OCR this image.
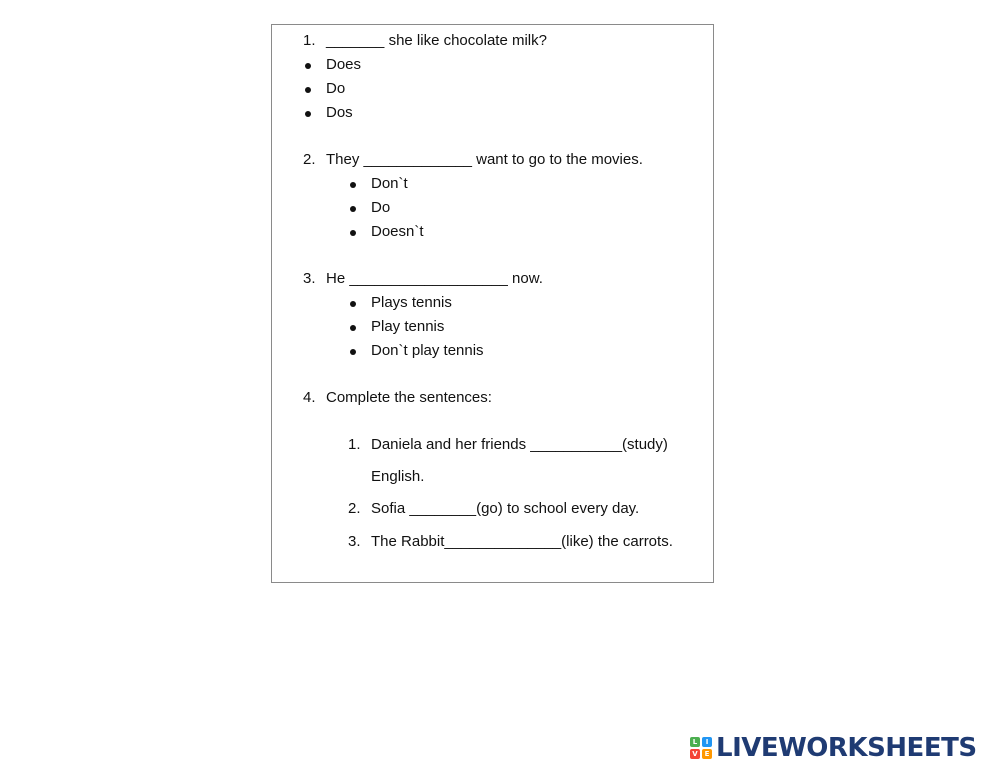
1. _______ she like chocolate milk?
Does
Do
Dos
2. They _____________ want to go to the movies.
Don`t
Do
Doesn`t
3. He ___________________ now.
Plays tennis
Play tennis
Don`t play tennis
4. Complete the sentences:
1. Daniela and her friends ___________(study)
English.
2. Sofia ________(go) to school every day.
3. The Rabbit______________(like) the carrots.
L	I
V E LIVEWORKSHEETS
